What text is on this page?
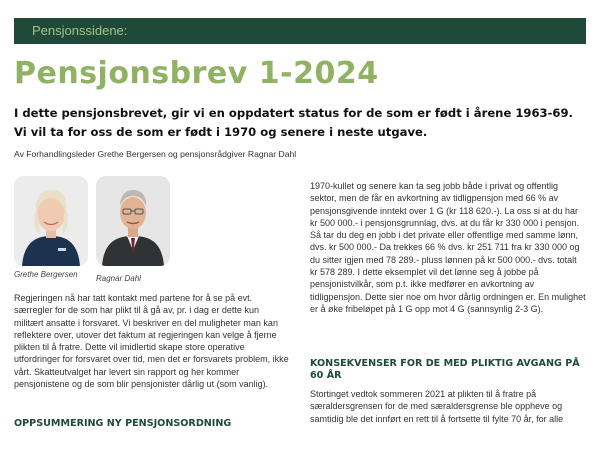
Pensjonssidene:
Pensjonsbrev 1-2024
I dette pensjonsbrevet, gir vi en oppdatert status for de som er født i årene 1963-69. Vi vil ta for oss de som er født i 1970 og senere i neste utgave.
Av Forhandlingsleder Grethe Bergersen og pensjonsrådgiver Ragnar Dahl
Grethe Bergersen Ragnar Dahl
Regjeringen nå har tatt kontakt med partene for å se på evt. særregler for de som har plikt til å gå av, pr. i dag er dette kun militært ansatte i forsvaret. Vi beskriver en del muligheter man kan reflektere over, utover det faktum at regjeringen kan velge å fjerne plikten til å fratre. Dette vil imidlertid skape store operative utfordringer for forsvaret over tid, men det er forsvarets problem, ikke vårt. Skatteutvalget har levert sin rapport og her kommer pensjonistene og de som blir pensjonister dårlig ut (som vanlig).
OPPSUMMERING NY PENSJONSORDNING
1970-kullet og senere kan ta seg jobb både i privat og offentlig sektor, men de får en avkortning av tidligpensjon med 66 % av pensjonsgivende inntekt over 1 G (kr 118 620.-). La oss si at du har kr 500 000.- i pensjonsgrunnlag, dvs. at du får kr 330 000 i pensjon. Så tar du deg en jobb i det private eller offentlige med samme lønn, dvs. kr 500 000.- Da trekkes 66 % dvs. kr 251 711 fra kr 330 000 og du sitter igjen med 78 289.- pluss lønnen på kr 500 000.- dvs. totalt kr 578 289. I dette eksemplet vil det lønne seg å jobbe på pensjonistvilkår, som p.t. ikke medfører en avkortning av tidligpensjon. Dette sier noe om hvor dårlig ordningen er. En mulighet er å øke fribeløpet på 1 G opp mot 4 G (sannsynlig 2-3 G).
KONSEKVENSER FOR DE MED PLIKTIG AVGANG PÅ 60 ÅR
Stortinget vedtok sommeren 2021 at plikten til å fratre på særaldersgrensen for de med særaldersgrense ble oppheve og samtidig ble det innført en rett til å fortsette til fylte 70 år, for alle
